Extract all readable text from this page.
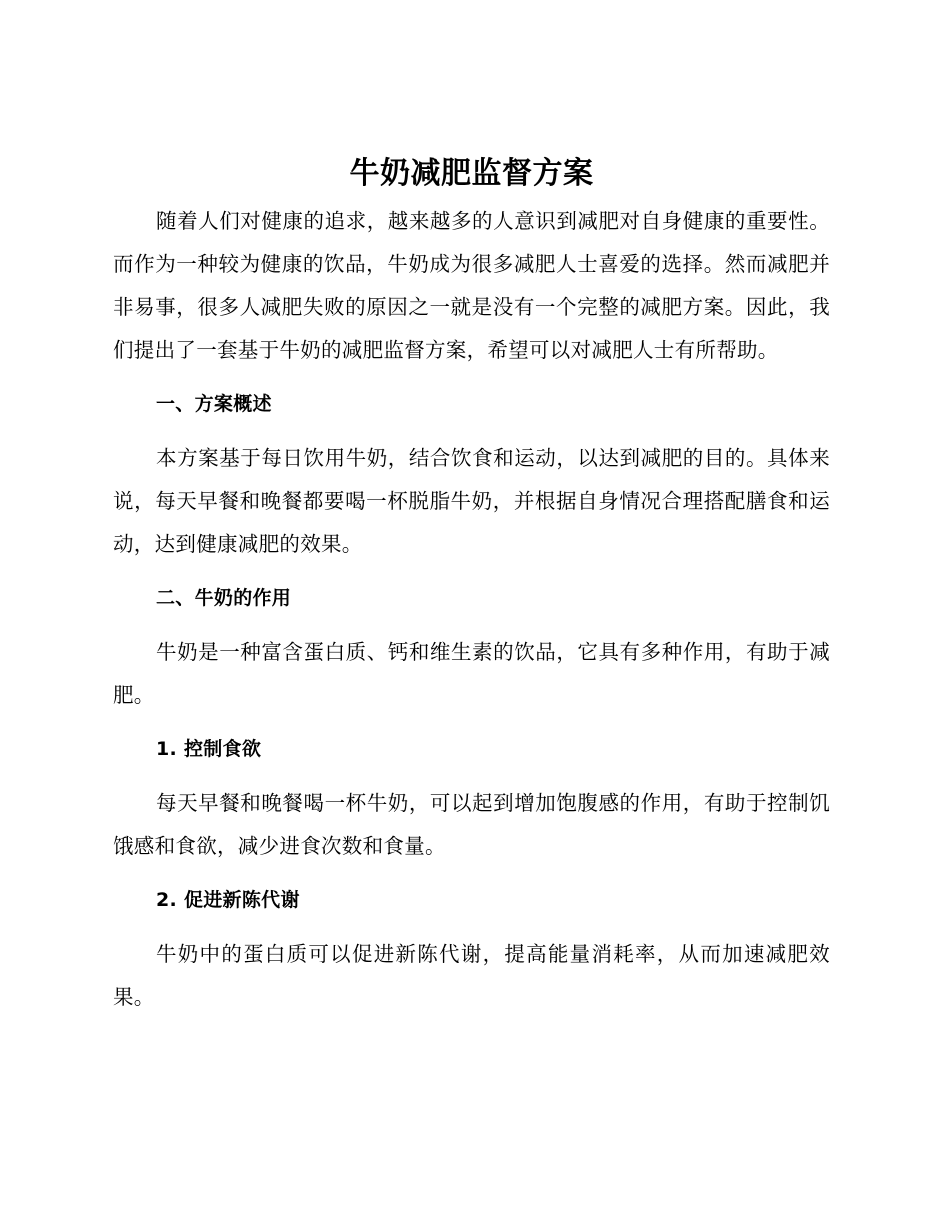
牛奶减肥监督方案

随着人们对健康的追求，越来越多的人意识到减肥对自身健康的重要性。而作为一种较为健康的饮品，牛奶成为很多减肥人士喜爱的选择。然而减肥并非易事，很多人减肥失败的原因之一就是没有一个完整的减肥方案。因此，我们提出了一套基于牛奶的减肥监督方案，希望可以对减肥人士有所帮助。

一、方案概述

本方案基于每日饮用牛奶，结合饮食和运动，以达到减肥的目的。具体来说，每天早餐和晚餐都要喝一杯脱脂牛奶，并根据自身情况合理搭配膳食和运动，达到健康减肥的效果。

二、牛奶的作用

牛奶是一种富含蛋白质、钙和维生素的饮品，它具有多种作用，有助于减肥。

1. 控制食欲

每天早餐和晚餐喝一杯牛奶，可以起到增加饱腹感的作用，有助于控制饥饿感和食欲，减少进食次数和食量。

2. 促进新陈代谢

牛奶中的蛋白质可以促进新陈代谢，提高能量消耗率，从而加速减肥效果。
